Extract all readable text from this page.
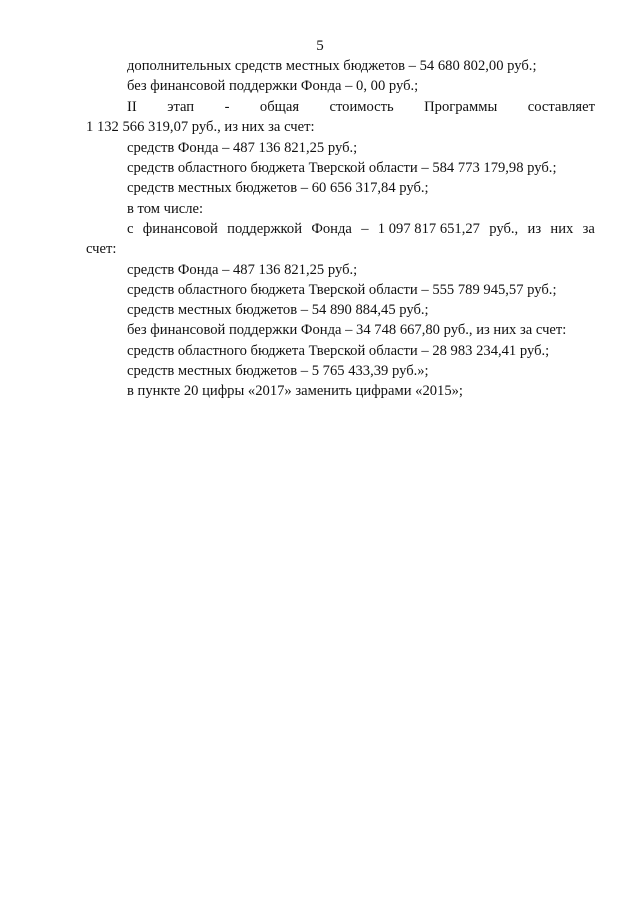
5
дополнительных средств местных бюджетов – 54 680 802,00 руб.;
без финансовой поддержки Фонда – 0, 00 руб.;
II этап - общая стоимость Программы составляет
1 132 566 319,07 руб., из них за счет:
средств Фонда – 487 136 821,25 руб.;
средств областного бюджета Тверской области – 584 773 179,98 руб.;
средств местных бюджетов – 60 656 317,84 руб.;
в том числе:
с финансовой поддержкой Фонда – 1 097 817 651,27 руб., из них за
счет:
средств Фонда – 487 136 821,25 руб.;
средств областного бюджета Тверской области – 555 789 945,57 руб.;
средств местных бюджетов – 54 890 884,45 руб.;
без финансовой поддержки Фонда – 34 748 667,80 руб., из них за счет:
средств областного бюджета Тверской области – 28 983 234,41 руб.;
средств местных бюджетов – 5 765 433,39 руб.»;
в пункте 20 цифры «2017» заменить цифрами «2015»;
